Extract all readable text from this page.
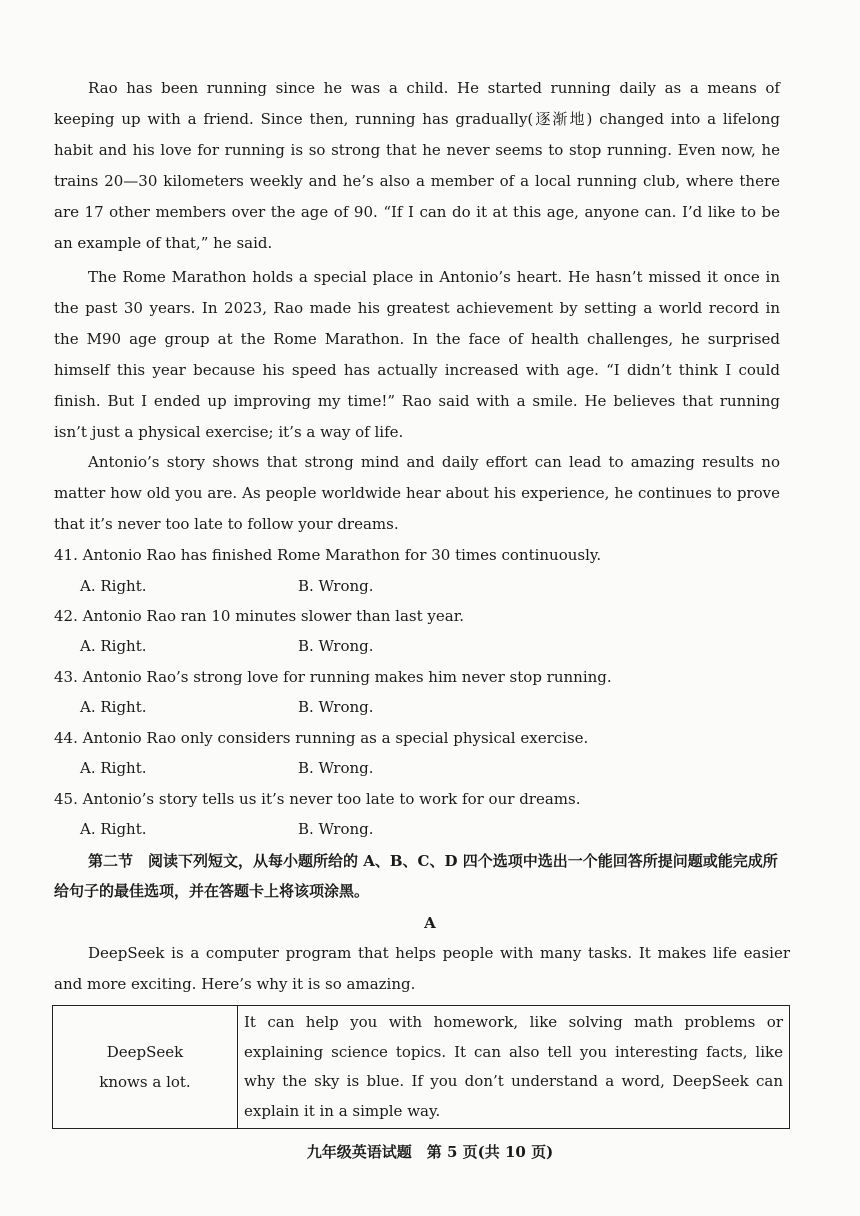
Rao has been running since he was a child. He started running daily as a means of keeping up with a friend. Since then, running has gradually(逐渐地) changed into a lifelong habit and his love for running is so strong that he never seems to stop running. Even now, he trains 20—30 kilometers weekly and he’s also a member of a local running club, where there are 17 other members over the age of 90. “If I can do it at this age, anyone can. I’d like to be an example of that,” he said.

The Rome Marathon holds a special place in Antonio’s heart. He hasn’t missed it once in the past 30 years. In 2023, Rao made his greatest achievement by setting a world record in the M90 age group at the Rome Marathon. In the face of health challenges, he surprised himself this year because his speed has actually increased with age. “I didn’t think I could finish. But I ended up improving my time!” Rao said with a smile. He believes that running isn’t just a physical exercise; it’s a way of life.

Antonio’s story shows that strong mind and daily effort can lead to amazing results no matter how old you are. As people worldwide hear about his experience, he continues to prove that it’s never too late to follow your dreams.

41. Antonio Rao has finished Rome Marathon for 30 times continuously.

A. Right.	B. Wrong.

42. Antonio Rao ran 10 minutes slower than last year.

A. Right.	B. Wrong.

43. Antonio Rao’s strong love for running makes him never stop running.

A. Right.	B. Wrong.

44. Antonio Rao only considers running as a special physical exercise.

A. Right.	B. Wrong.

45. Antonio’s story tells us it’s never too late to work for our dreams.

A. Right.	B. Wrong.

第二节　阅读下列短文，从每小题所给的 A、B、C、D 四个选项中选出一个能回答所提问题或能完成所给句子的最佳选项，并在答题卡上将该项涂黑。

A

DeepSeek is a computer program that helps people with many tasks. It makes life easier and more exciting. Here’s why it is so amazing.

DeepSeek
knows a lot.
	It can help you with homework, like solving math problems or explaining science topics. It can also tell you interesting facts, like why the sky is blue. If you don’t understand a word, DeepSeek can explain it in a simple way.

九年级英语试题　第 5 页(共 10 页)
